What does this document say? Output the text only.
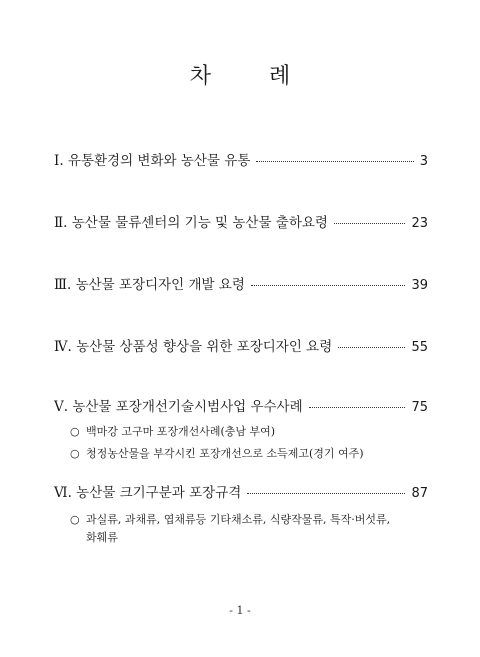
차례
Ⅰ. 유통환경의 변화와 농산물 유통	3
Ⅱ. 농산물 물류센터의 기능 및 농산물 출하요령	23
Ⅲ. 농산물 포장디자인 개발 요령	39
Ⅳ. 농산물 상품성 향상을 위한 포장디자인 요령	55
Ⅴ. 농산물 포장개선기술시범사업 우수사례	75
○ 백마강 고구마 포장개선사례(충남 부여)
○ 청정농산물을 부각시킨 포장개선으로 소득제고(경기 여주)
Ⅵ. 농산물 크기구분과 포장규격	87
○ 과실류, 과채류, 엽채류등 기타채소류, 식량작물류, 특작·버섯류,
화훼류
- 1 -
